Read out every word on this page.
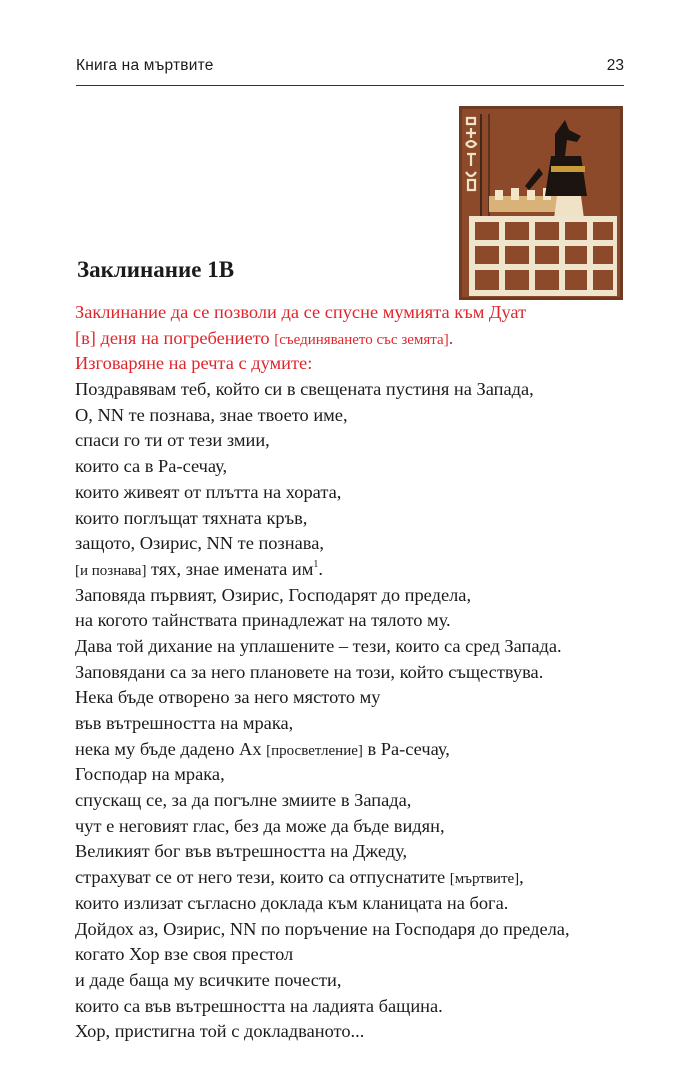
Книга на мъртвите	23
Заклинание 1В
Заклинание да се позволи да се спусне мумията към Дуат
[в] деня на погребението [съединяването със земята].
Изговаряне на речта с думите:
Поздравявам теб, който си в свещената пустиня на Запада,
О, NN те познава, знае твоето име,
спаси го ти от тези змии,
които са в Ра-сечау,
които живеят от плътта на хората,
които поглъщат тяхната кръв,
защото, Озирис, NN те познава,
[и познава] тях, знае имената $им^1$.
Заповяда първият, Озирис, Господарят до предела,
на когото тайнствата принадлежат на тялото му.
Дава той дихание на уплашените – тези, които са сред Запада.
Заповядани са за него плановете на този, който съществува.
Нека бъде отворено за него мястото му
във вътрешността на мрака,
нека му бъде дадено Ах [просветление] в Ра-сечау,
Господар на мрака,
спускащ се, за да погълне змиите в Запада,
чут е неговият глас, без да може да бъде видян,
Великият бог във вътрешността на Джеду,
страхуват се от него тези, които са отпуснатите [мъртвите],
които излизат съгласно доклада към кланицата на бога.
Дойдох аз, Озирис, NN по поръчение на Господаря до предела,
когато Хор взе своя престол
и даде баща му всичките почести,
които са във вътрешността на ладията бащина.
Хор, пристигна той с докладваното...
